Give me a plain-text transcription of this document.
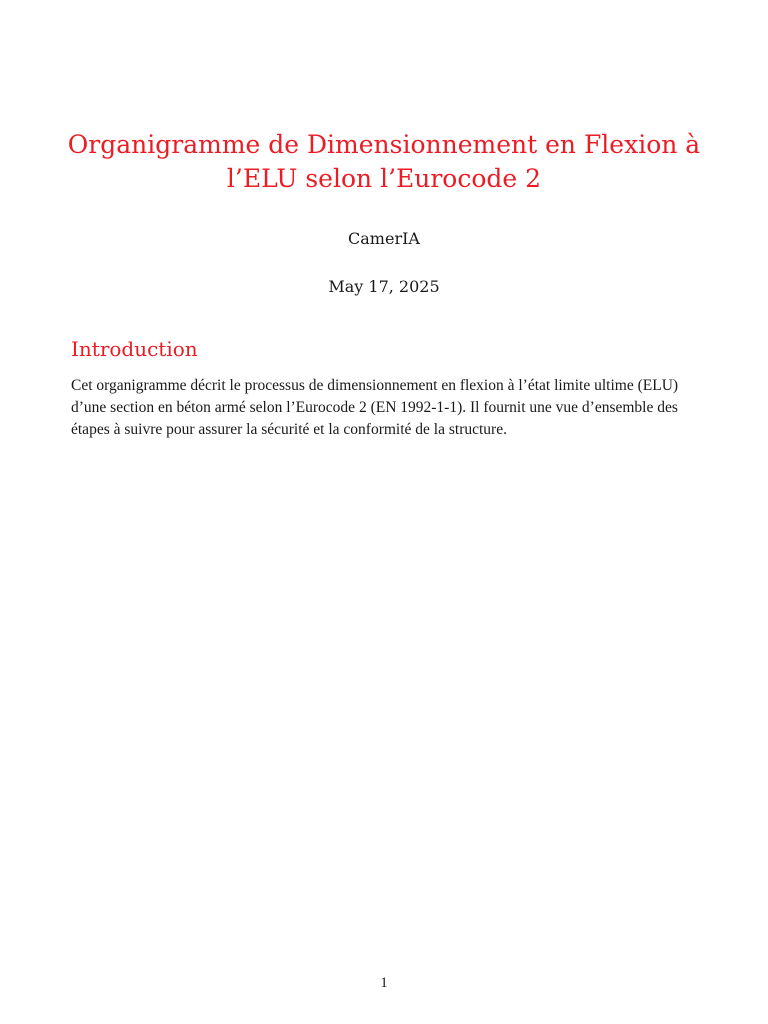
Organigramme de Dimensionnement en Flexion à
l’ELU selon l’Eurocode 2
CamerIA
May 17, 2025
Introduction

Cet organigramme décrit le processus de dimensionnement en flexion à l’état limite ultime (ELU)
d’une section en béton armé selon l’Eurocode 2 (EN 1992-1-1). Il fournit une vue d’ensemble des
étapes à suivre pour assurer la sécurité et la conformité de la structure.

1
